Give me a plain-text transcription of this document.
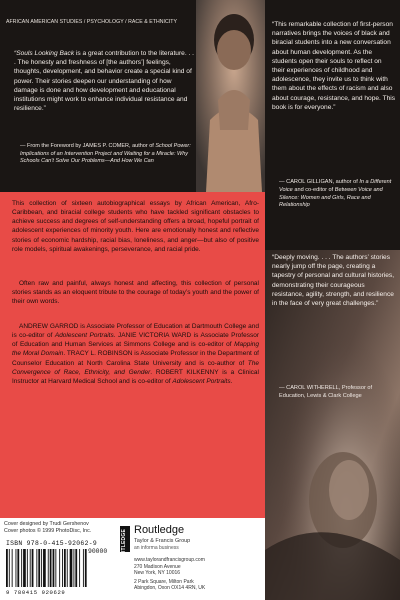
AFRICAN AMERICAN STUDIES / PSYCHOLOGY / RACE & ETHNICITY

“Souls Looking Back is a great contribution to the literature. . . . The honesty and freshness of [the authors’] feelings, thoughts, development, and behavior create a special kind of power. Their stories deepen our understanding of how damage is done and how development and educational institutions might work to enhance individual resistance and resilience.”

— From the Foreword by JAMES P. COMER, author of School Power: Implications of an Intervention Project and Waiting for a Miracle: Why Schools Can’t Solve Our Problems—And How We Can

“This remarkable collection of first-person narratives brings the voices of black and biracial students into a new conversation about human development. As the students open their souls to reflect on their experiences of childhood and adolescence, they invite us to think with them about the effects of racism and also about courage, resistance, and hope. This book is for everyone.”

— CAROL GILLIGAN, author of In a Different Voice and co-editor of Between Voice and Silence: Women and Girls, Race and Relationship

This collection of sixteen autobiographical essays by African American, Afro-Caribbean, and biracial college students who have tackled significant obstacles to achieve success and degrees of self-understanding offers a broad, hopeful portrait of adolescent experiences of minority youth. Here are emotionally honest and reflective stories of economic hardship, racial bias, loneliness, and anger—but also of positive role models, spiritual awakenings, perseverance, and racial pride.

Often raw and painful, always honest and affecting, this collection of personal stories stands as an eloquent tribute to the courage of today’s youth and the power of their own words.

ANDREW GARROD is Associate Professor of Education at Dartmouth College and is co-editor of Adolescent Portraits. JANIE VICTORIA WARD is Associate Professor of Education and Human Services at Simmons College and is co-editor of Mapping the Moral Domain. TRACY L. ROBINSON is Associate Professor in the Department of Counselor Education at North Carolina State University and is co-author of The Convergence of Race, Ethnicity, and Gender. ROBERT KILKENNY is a Clinical Instructor at Harvard Medical School and is co-editor of Adolescent Portraits.

“Deeply moving. . . . The authors’ stories nearly jump off the page, creating a tapestry of personal and cultural histories, demonstrating their courageous resistance, agility, strength, and resilience in the face of very great challenges.”

— CAROL WITHERELL, Professor of Education, Lewis & Clark College

Cover designed by Trudi Gershenov
Cover photos © 1999 PhotoDisc, Inc.
ISBN 978-0-415-92062-9
90000
9 780415 920629
ROUTLEDGE Routledge
Taylor & Francis Group
an informa business
www.taylorandfrancisgroup.com
270 Madison Avenue
New York, NY 10016
2 Park Square, Milton Park
Abingdon, Oxon OX14 4RN, UK
